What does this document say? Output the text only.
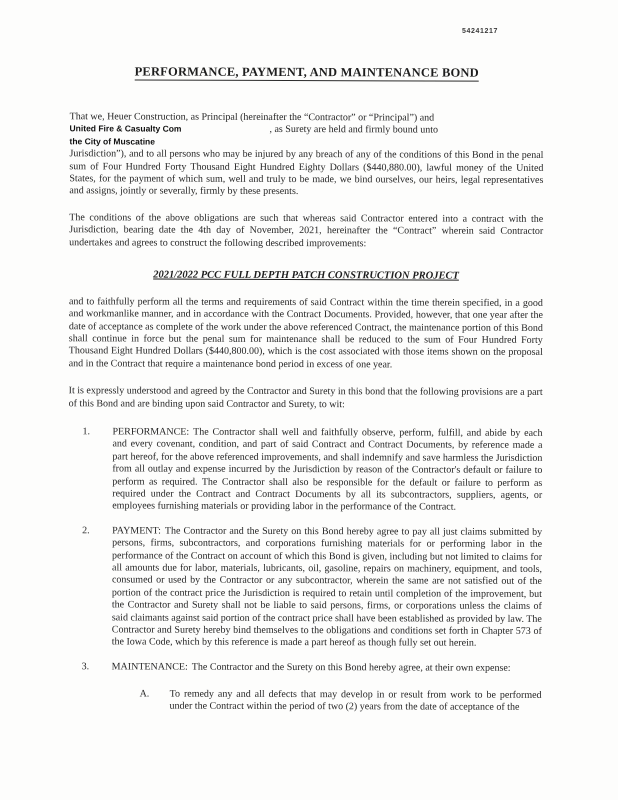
54241217
PERFORMANCE, PAYMENT, AND MAINTENANCE BOND

That we, Heuer Construction, as Principal (hereinafter the “Contractor” or “Principal”) and

United Fire & Casualty Com	, as Surety are held and firmly bound unto

the City of Muscatine

Jurisdiction”), and to all persons who may be injured by any breach of any of the conditions of this Bond in the penal sum of Four Hundred Forty Thousand Eight Hundred Eighty Dollars ($440,880.00), lawful money of the United States, for the payment of which sum, well and truly to be made, we bind ourselves, our heirs, legal representatives and assigns, jointly or severally, firmly by these presents.

The conditions of the above obligations are such that whereas said Contractor entered into a contract with the Jurisdiction, bearing date the 4th day of November, 2021, hereinafter the “Contract” wherein said Contractor undertakes and agrees to construct the following described improvements:

2021/2022 PCC FULL DEPTH PATCH CONSTRUCTION PROJECT

and to faithfully perform all the terms and requirements of said Contract within the time therein specified, in a good and workmanlike manner, and in accordance with the Contract Documents. Provided, however, that one year after the date of acceptance as complete of the work under the above referenced Contract, the maintenance portion of this Bond shall continue in force but the penal sum for maintenance shall be reduced to the sum of Four Hundred Forty Thousand Eight Hundred Dollars ($440,800.00), which is the cost associated with those items shown on the proposal and in the Contract that require a maintenance bond period in excess of one year.

It is expressly understood and agreed by the Contractor and Surety in this bond that the following provisions are a part of this Bond and are binding upon said Contractor and Surety, to wit:

1.	PERFORMANCE: The Contractor shall well and faithfully observe, perform, fulfill, and abide by each and every covenant, condition, and part of said Contract and Contract Documents, by reference made a part hereof, for the above referenced improvements, and shall indemnify and save harmless the Jurisdiction from all outlay and expense incurred by the Jurisdiction by reason of the Contractor's default or failure to perform as required. The Contractor shall also be responsible for the default or failure to perform as required under the Contract and Contract Documents by all its subcontractors, suppliers, agents, or employees furnishing materials or providing labor in the performance of the Contract.

2.	PAYMENT: The Contractor and the Surety on this Bond hereby agree to pay all just claims submitted by persons, firms, subcontractors, and corporations furnishing materials for or performing labor in the performance of the Contract on account of which this Bond is given, including but not limited to claims for all amounts due for labor, materials, lubricants, oil, gasoline, repairs on machinery, equipment, and tools, consumed or used by the Contractor or any subcontractor, wherein the same are not satisfied out of the portion of the contract price the Jurisdiction is required to retain until completion of the improvement, but the Contractor and Surety shall not be liable to said persons, firms, or corporations unless the claims of said claimants against said portion of the contract price shall have been established as provided by law. The Contractor and Surety hereby bind themselves to the obligations and conditions set forth in Chapter 573 of the Iowa Code, which by this reference is made a part hereof as though fully set out herein.

3.	MAINTENANCE: The Contractor and the Surety on this Bond hereby agree, at their own expense:

A.	To remedy any and all defects that may develop in or result from work to be performed under the Contract within the period of two (2) years from the date of acceptance of the
